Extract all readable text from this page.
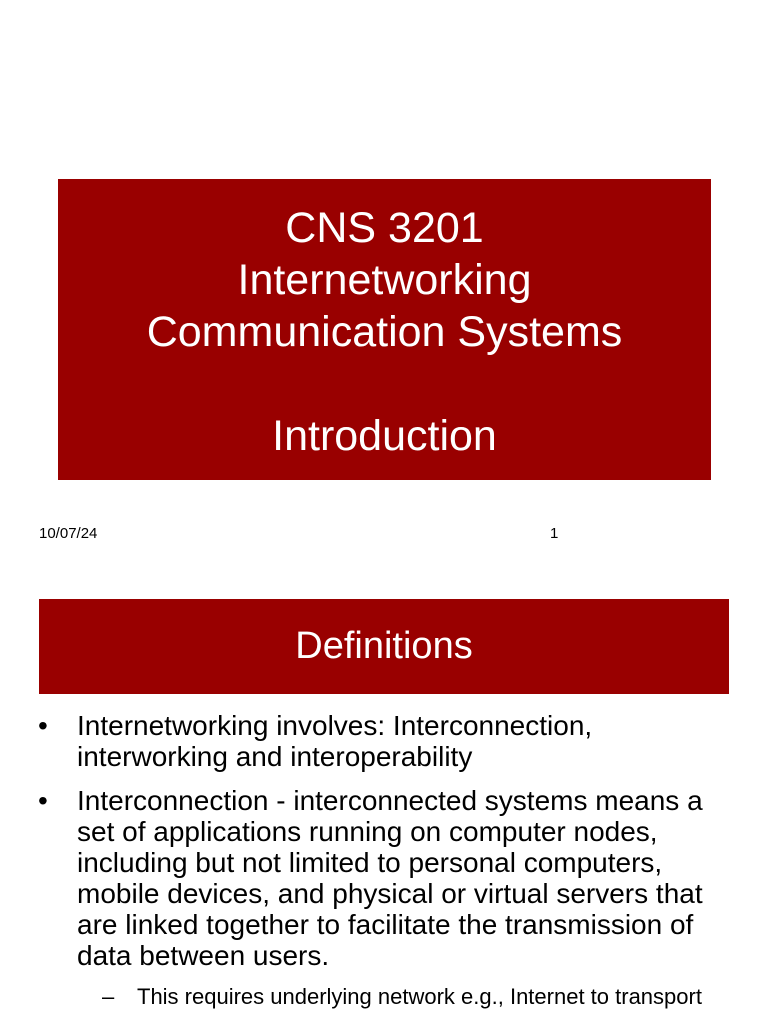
CNS 3201
Internetworking
Communication Systems
Introduction
10/07/24	1
Definitions
• Internetworking involves: Interconnection, interworking and interoperability
• Interconnection - interconnected systems means a set of applications running on computer nodes, including but not limited to personal computers, mobile devices, and physical or virtual servers that are linked together to facilitate the transmission of data between users.
– This requires underlying network e.g., Internet to transport
